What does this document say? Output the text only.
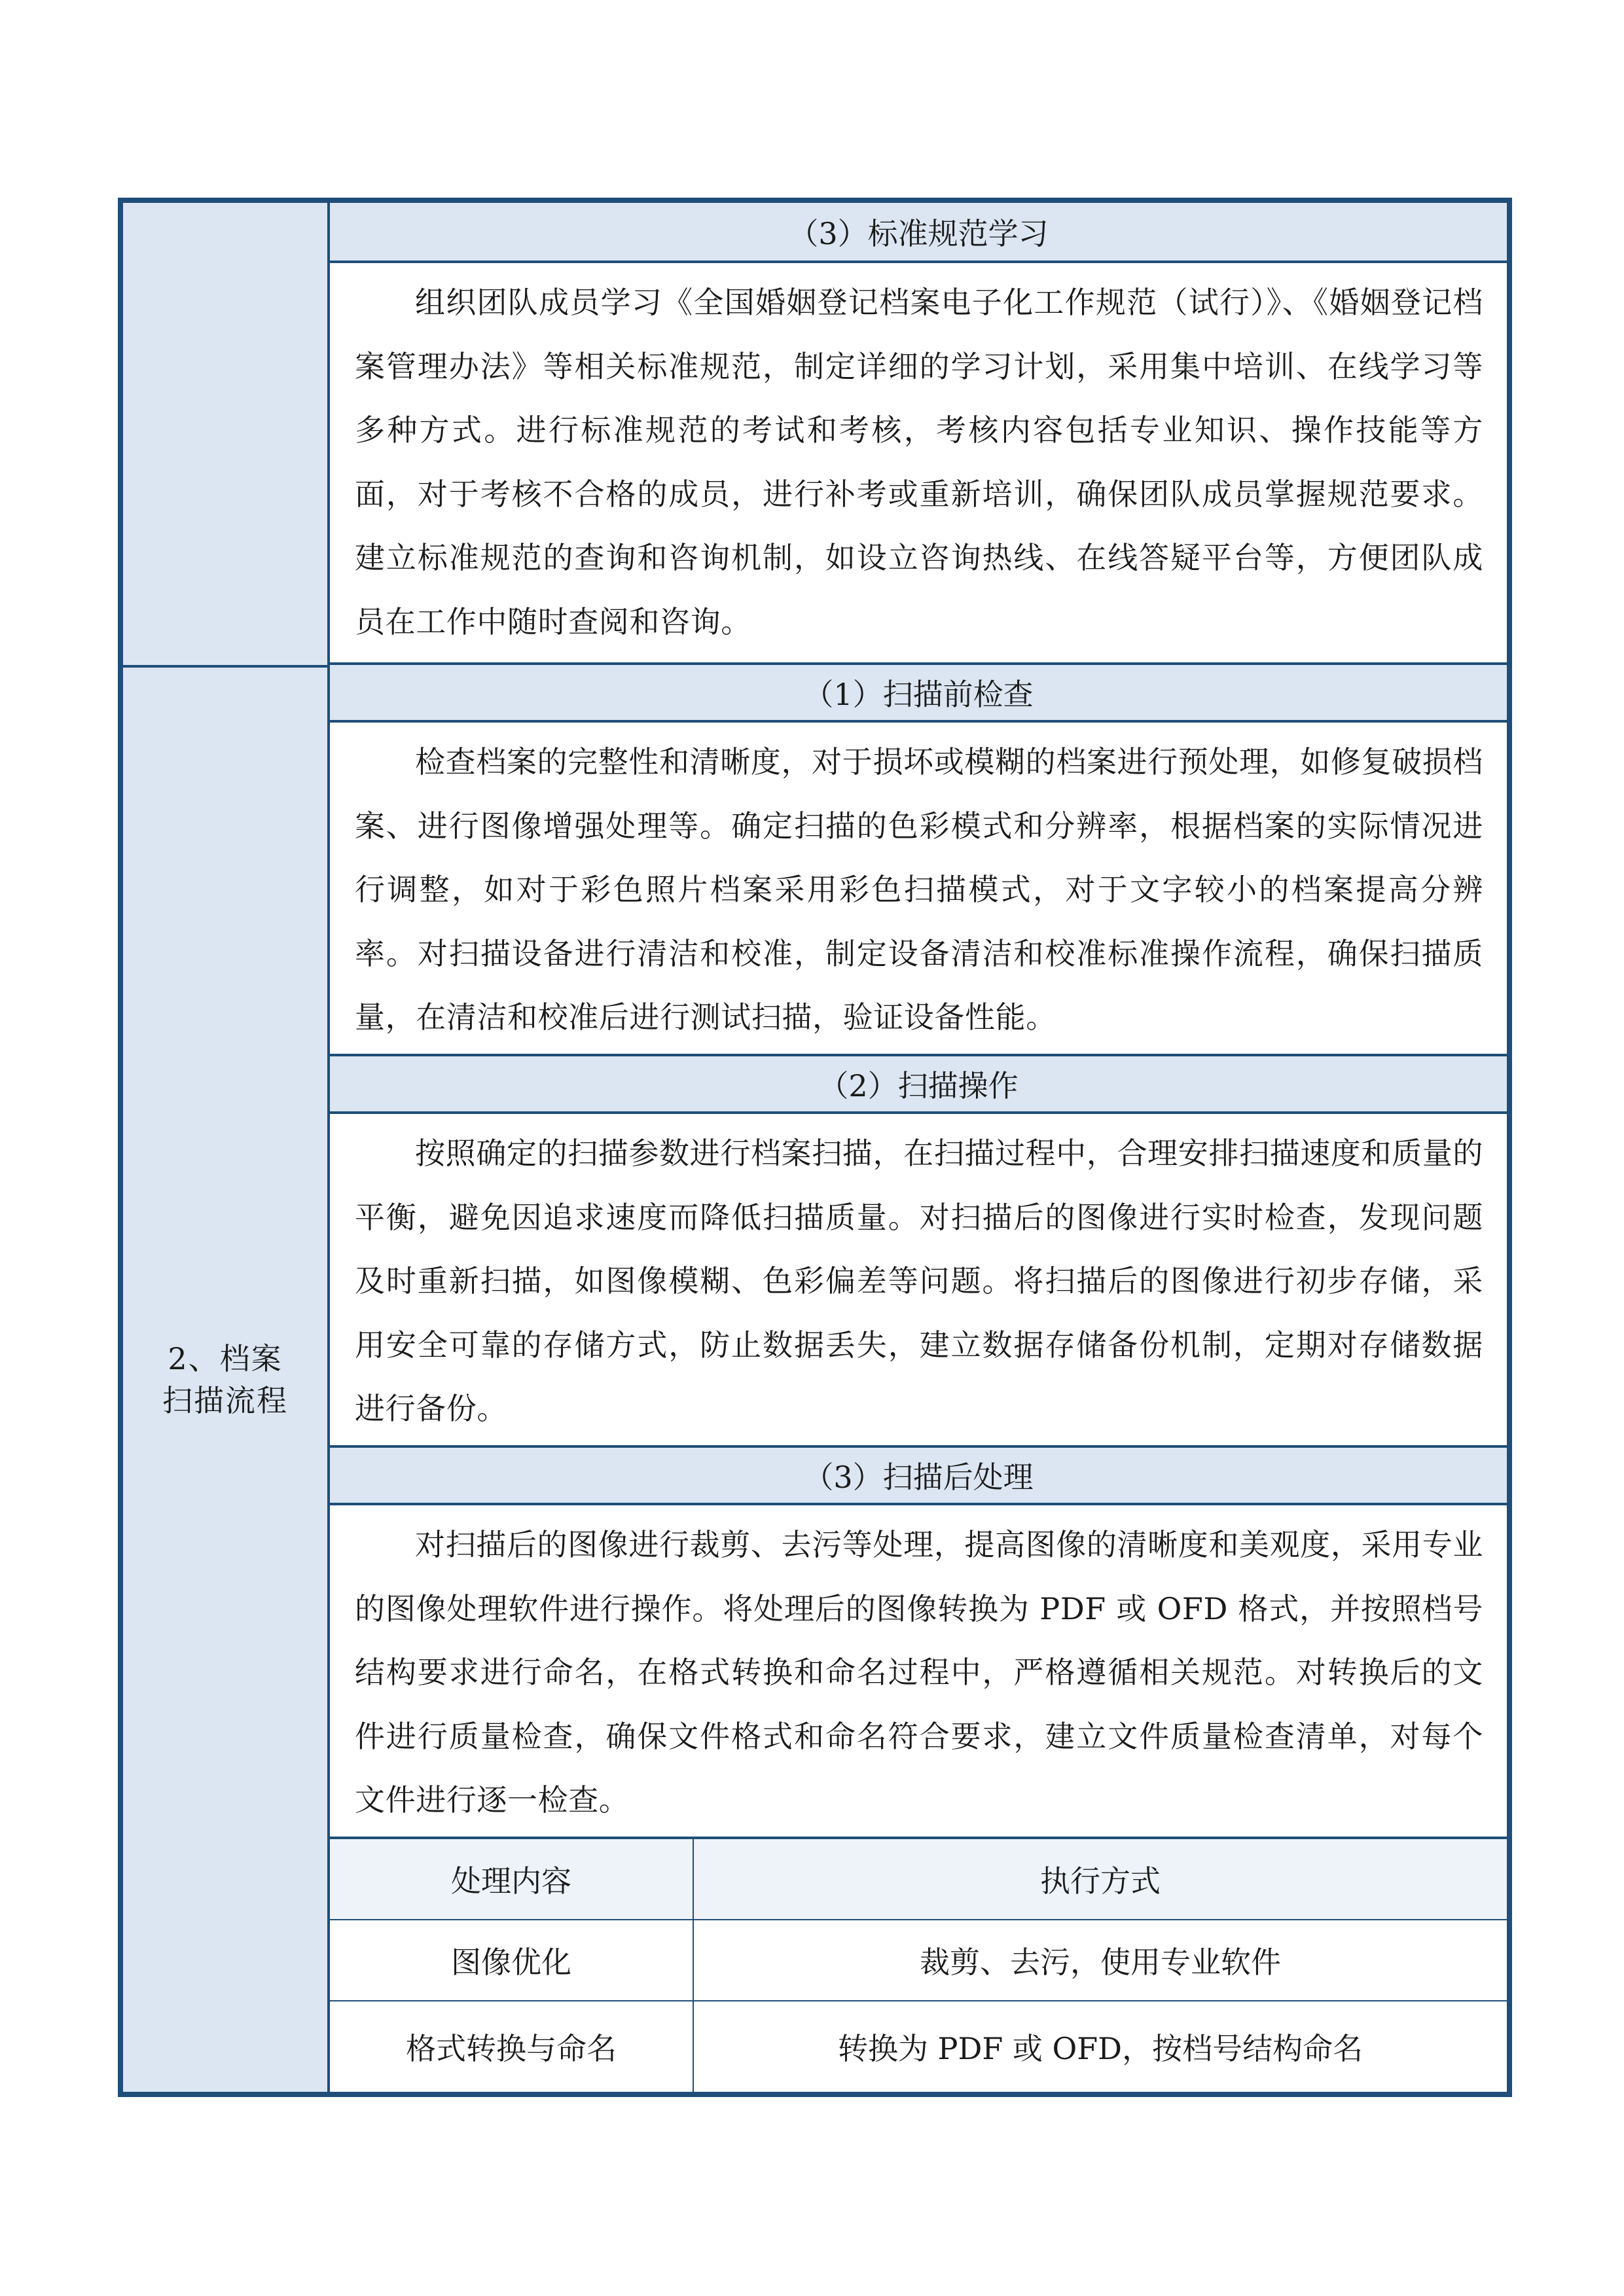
2、档案扫描流程
（3）标准规范学习
组织团队成员学习《全国婚姻登记档案电子化工作规范（试行）》、《婚姻登记档案管理办法》等相关标准规范，制定详细的学习计划，采用集中培训、在线学习等多种方式。进行标准规范的考试和考核，考核内容包括专业知识、操作技能等方面，对于考核不合格的成员，进行补考或重新培训，确保团队成员掌握规范要求。建立标准规范的查询和咨询机制，如设立咨询热线、在线答疑平台等，方便团队成员在工作中随时查阅和咨询。
（1）扫描前检查
检查档案的完整性和清晰度，对于损坏或模糊的档案进行预处理，如修复破损档案、进行图像增强处理等。确定扫描的色彩模式和分辨率，根据档案的实际情况进行调整，如对于彩色照片档案采用彩色扫描模式，对于文字较小的档案提高分辨率。对扫描设备进行清洁和校准，制定设备清洁和校准标准操作流程，确保扫描质量，在清洁和校准后进行测试扫描，验证设备性能。
（2）扫描操作
按照确定的扫描参数进行档案扫描，在扫描过程中，合理安排扫描速度和质量的平衡，避免因追求速度而降低扫描质量。对扫描后的图像进行实时检查，发现问题及时重新扫描，如图像模糊、色彩偏差等问题。将扫描后的图像进行初步存储，采用安全可靠的存储方式，防止数据丢失，建立数据存储备份机制，定期对存储数据进行备份。
（3）扫描后处理
对扫描后的图像进行裁剪、去污等处理，提高图像的清晰度和美观度，采用专业的图像处理软件进行操作。将处理后的图像转换为 PDF 或 OFD 格式，并按照档号结构要求进行命名，在格式转换和命名过程中，严格遵循相关规范。对转换后的文件进行质量检查，确保文件格式和命名符合要求，建立文件质量检查清单，对每个文件进行逐一检查。
处理内容	执行方式
图像优化	裁剪、去污，使用专业软件
格式转换与命名	转换为 PDF 或 OFD，按档号结构命名
